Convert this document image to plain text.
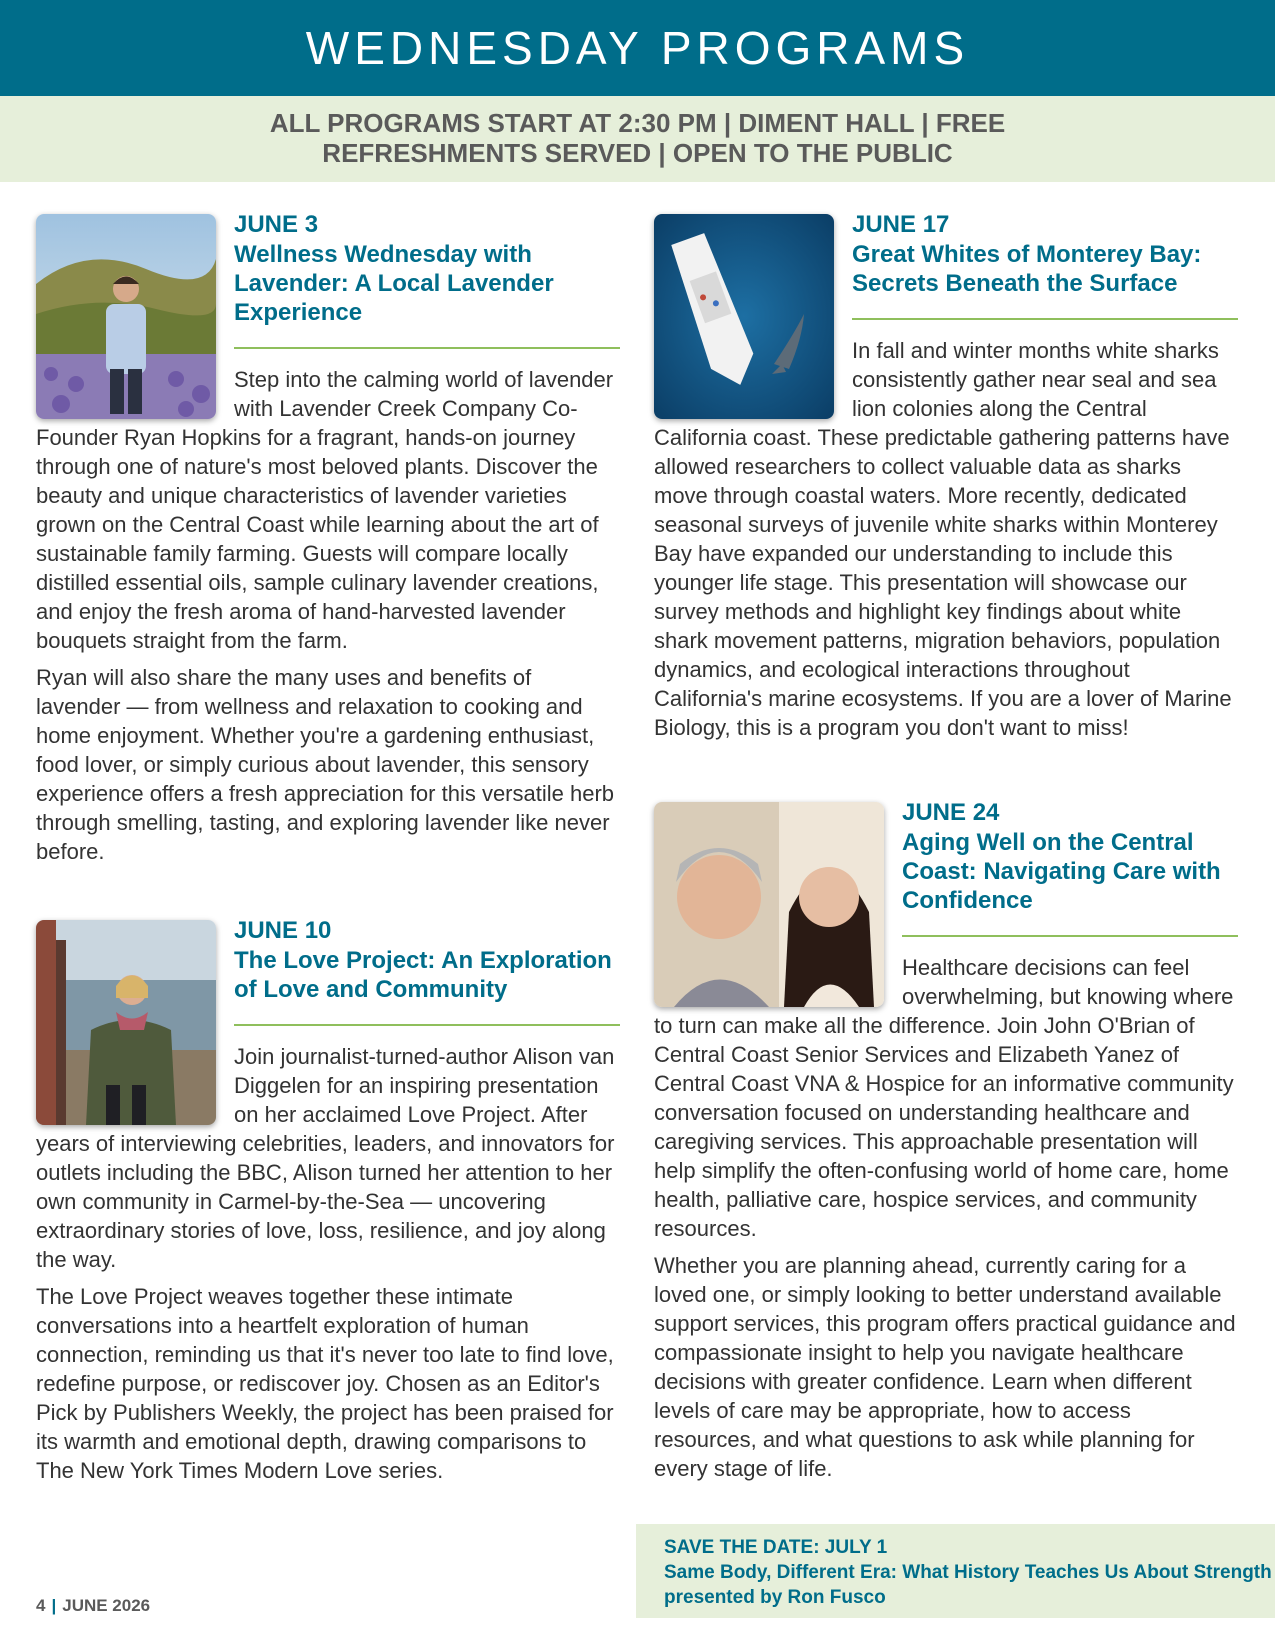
WEDNESDAY PROGRAMS
ALL PROGRAMS START AT 2:30 PM | DIMENT HALL | FREE
REFRESHMENTS SERVED | OPEN TO THE PUBLIC
JUNE 3
Wellness Wednesday with Lavender: A Local Lavender Experience

Step into the calming world of lavender with Lavender Creek Company Co-Founder Ryan Hopkins for a fragrant, hands-on journey through one of nature's most beloved plants. Discover the beauty and unique characteristics of lavender varieties grown on the Central Coast while learning about the art of sustainable family farming. Guests will compare locally distilled essential oils, sample culinary lavender creations, and enjoy the fresh aroma of hand-harvested lavender bouquets straight from the farm.

Ryan will also share the many uses and benefits of lavender — from wellness and relaxation to cooking and home enjoyment. Whether you're a gardening enthusiast, food lover, or simply curious about lavender, this sensory experience offers a fresh appreciation for this versatile herb through smelling, tasting, and exploring lavender like never before.

JUNE 10
The Love Project: An Exploration of Love and Community

Join journalist-turned-author Alison van Diggelen for an inspiring presentation on her acclaimed Love Project. After years of interviewing celebrities, leaders, and innovators for outlets including the BBC, Alison turned her attention to her own community in Carmel-by-the-Sea — uncovering extraordinary stories of love, loss, resilience, and joy along the way.

The Love Project weaves together these intimate conversations into a heartfelt exploration of human connection, reminding us that it's never too late to find love, redefine purpose, or rediscover joy. Chosen as an Editor's Pick by Publishers Weekly, the project has been praised for its warmth and emotional depth, drawing comparisons to The New York Times Modern Love series.

JUNE 17
Great Whites of Monterey Bay: Secrets Beneath the Surface

In fall and winter months white sharks consistently gather near seal and sea lion colonies along the Central California coast. These predictable gathering patterns have allowed researchers to collect valuable data as sharks move through coastal waters. More recently, dedicated seasonal surveys of juvenile white sharks within Monterey Bay have expanded our understanding to include this younger life stage. This presentation will showcase our survey methods and highlight key findings about white shark movement patterns, migration behaviors, population dynamics, and ecological interactions throughout California's marine ecosystems. If you are a lover of Marine Biology, this is a program you don't want to miss!

JUNE 24
Aging Well on the Central Coast: Navigating Care with Confidence

Healthcare decisions can feel overwhelming, but knowing where to turn can make all the difference. Join John O'Brian of Central Coast Senior Services and Elizabeth Yanez of Central Coast VNA & Hospice for an informative community conversation focused on understanding healthcare and caregiving services. This approachable presentation will help simplify the often-confusing world of home care, home health, palliative care, hospice services, and community resources.

Whether you are planning ahead, currently caring for a loved one, or simply looking to better understand available support services, this program offers practical guidance and compassionate insight to help you navigate healthcare decisions with greater confidence. Learn when different levels of care may be appropriate, how to access resources, and what questions to ask while planning for every stage of life.

SAVE THE DATE: JULY 1
Same Body, Different Era: What History Teaches Us About Strength presented by Ron Fusco
4 | JUNE 2026
